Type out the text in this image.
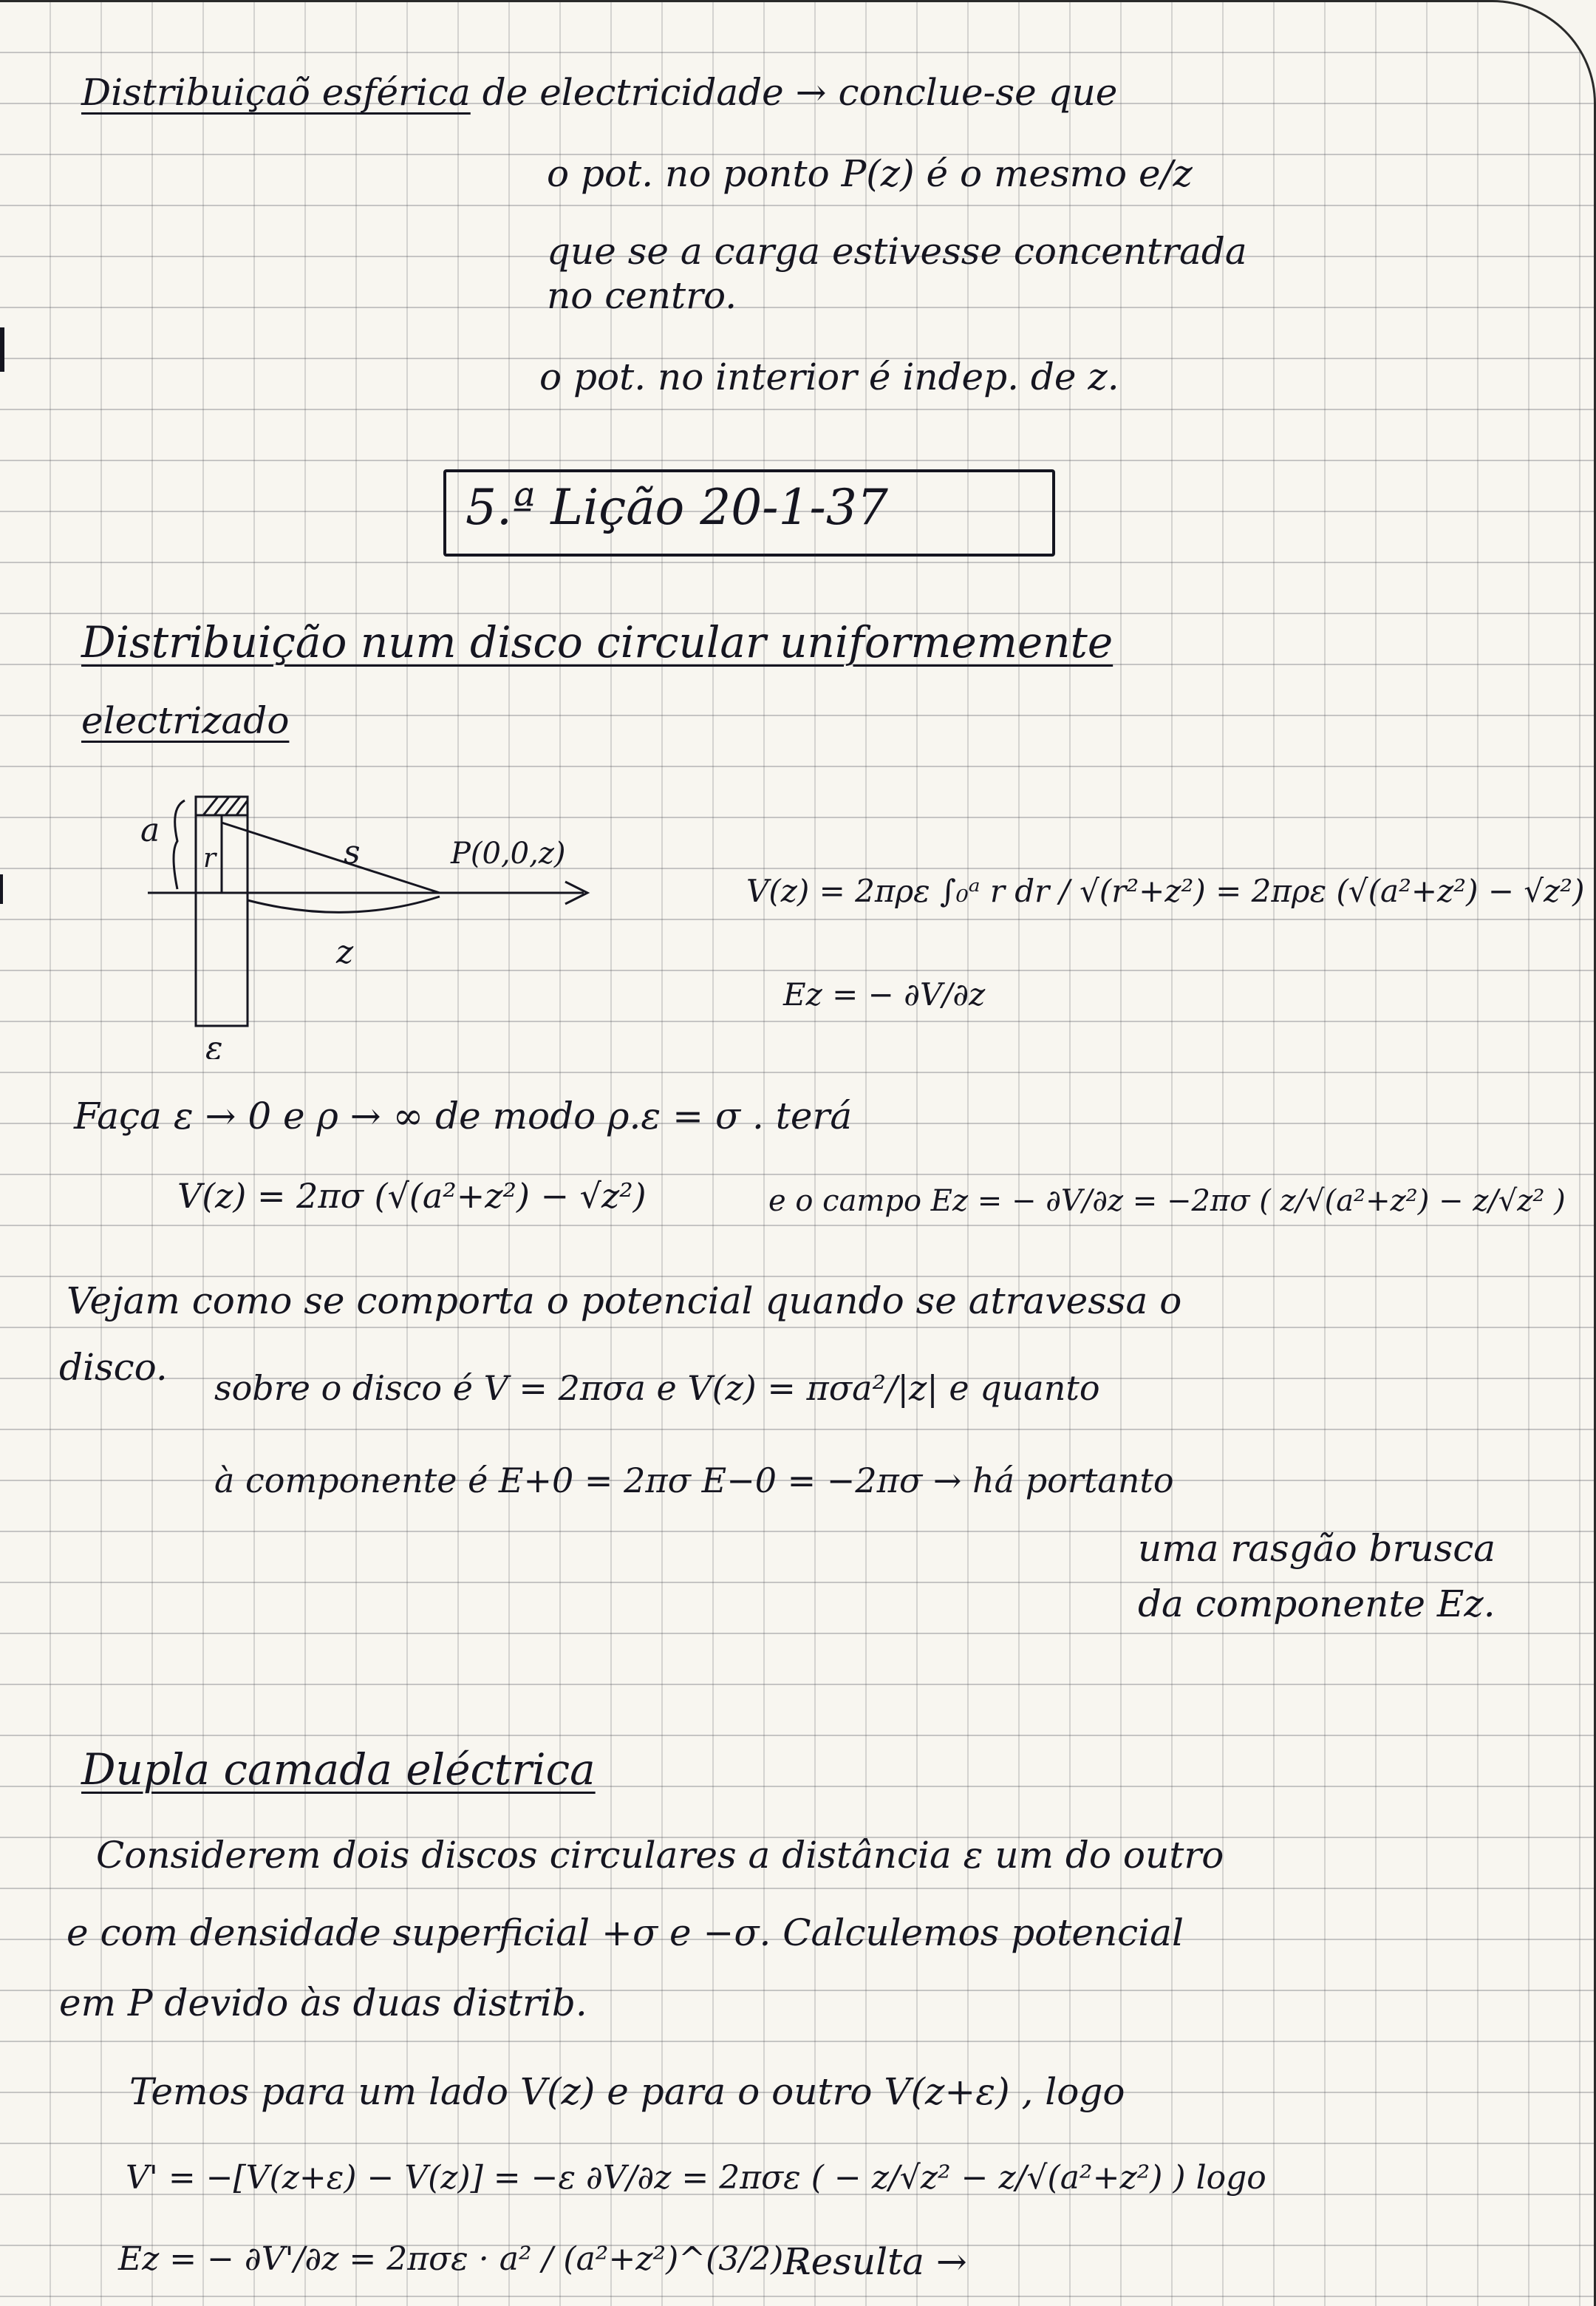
Distribuiçaõ esférica de electricidade → conclue-se que
o pot. no ponto P(z) é o mesmo e/z
que se a carga estivesse concentrada
no centro.
o pot. no interior é indep. de z.
5.ª Lição 20-1-37
Distribuição num disco circular uniformemente
electrizado
a
r	s
z
ε
P(0,0,z)
V(z) = 2πρε ∫₀ᵃ r dr / √(r²+z²) = 2πρε (√(a²+z²) − √z²)
Ez = − ∂V/∂z
Faça ε → 0 e ρ → ∞ de modo ρ.ε = σ . terá
V(z) = 2πσ (√(a²+z²) − √z²)	e o campo Ez = − ∂V/∂z = −2πσ ( z/√(a²+z²) − z/√z² )
Vejam como se comporta o potencial quando se atravessa o
disco. sobre o disco é V = 2πσa e V(z) = πσa²/|z| e quanto
à componente é E+0 = 2πσ E−0 = −2πσ → há portanto
uma rasgão brusca
da componente Ez.
Dupla camada eléctrica
Considerem dois discos circulares a distância ε um do outro
e com densidade superficial +σ e −σ. Calculemos potencial
em P devido às duas distrib.
Temos para um lado V(z) e para o outro V(z+ε) , logo
V' = −[V(z+ε) − V(z)] = −ε ∂V/∂z = 2πσε ( − z/√z² − z/√(a²+z²) ) logo
Ez = − ∂V'/∂z = 2πσε · a² / (a²+z²)^(3/2) .
Resulta →
